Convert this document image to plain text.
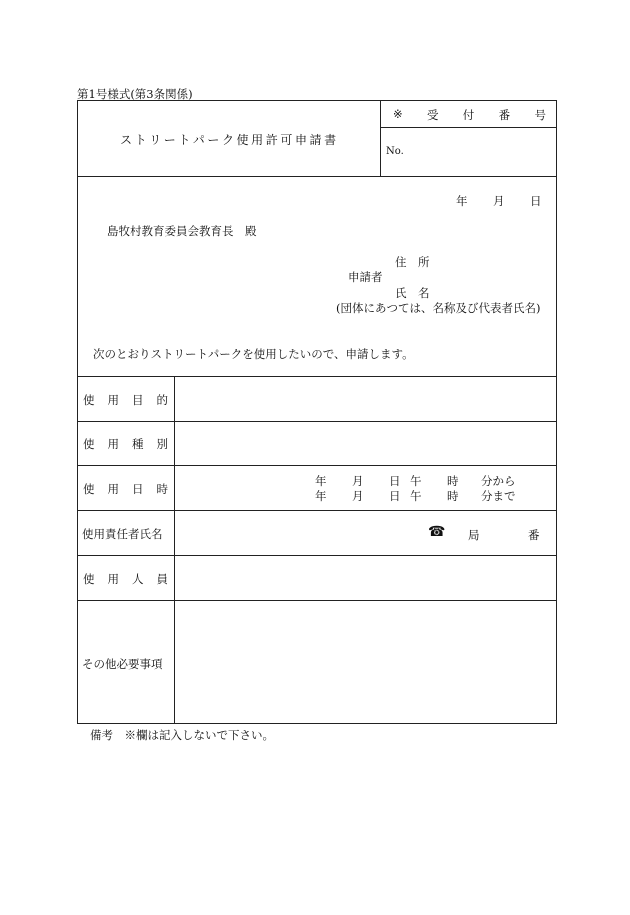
第1号様式(第3条関係)
ストリートパーク使用許可申請書
※ 受 付 番 号
No.
年 月 日
島牧村教育委員会教育長　殿
住　所
申請者
氏　名
(団体にあつては、名称及び代表者氏名)
次のとおりストリートパークを使用したいので、申請します。
使 用 目 的
使 用 種 別
使 用 日 時
使用責任者氏名
使 用 人 員
その他必要事項
年 月 日 午 時 分から
年 月 日 午 時 分まで
☎ 局	番
備考　※欄は記入しないで下さい。
